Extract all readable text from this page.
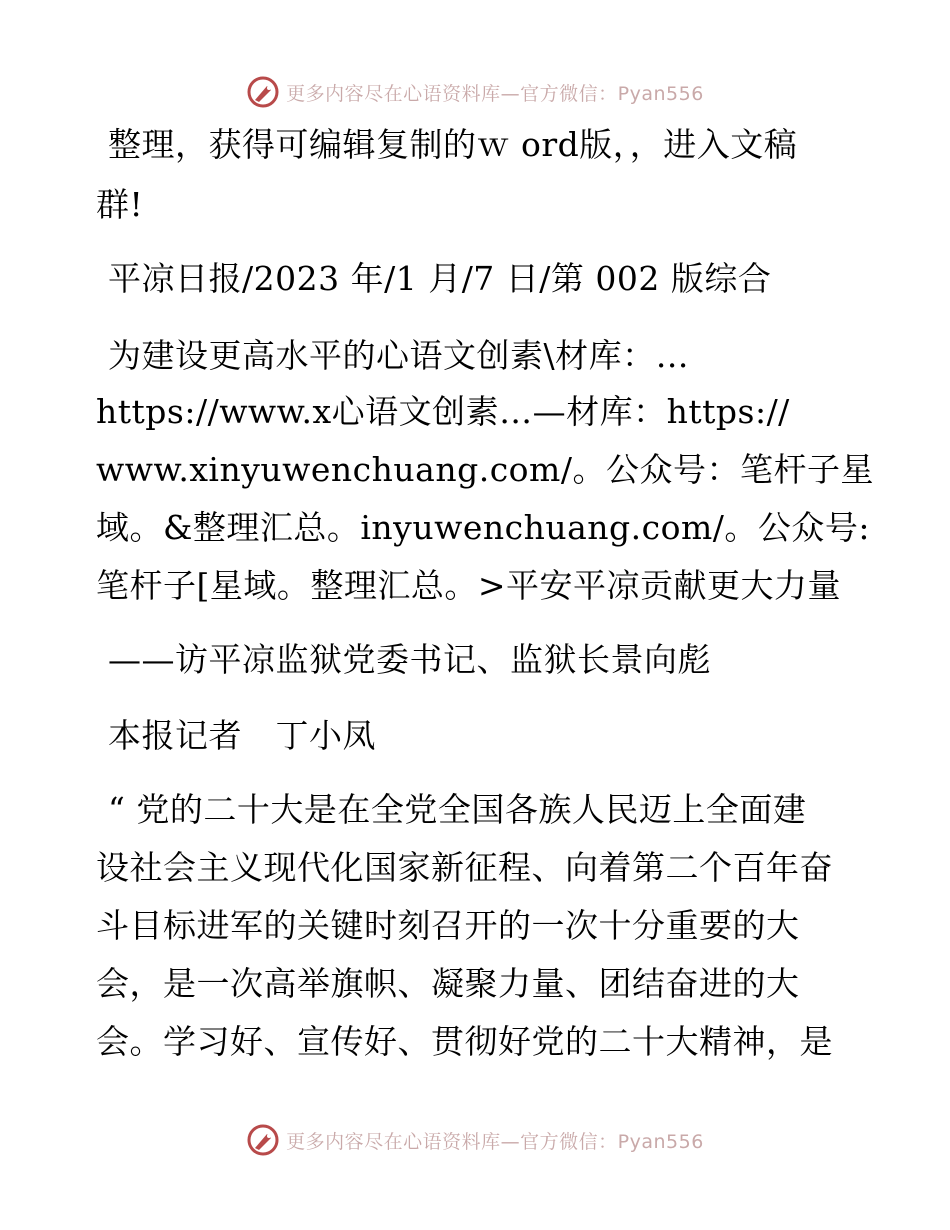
更多内容尽在心语资料库—官方微信：Pyan556
整理，获得可编辑复制的ｗ ord版，，进入文稿
群!
平凉日报/2023 年/1 月/7 日/第 002 版综合
为建设更高水平的心语文创素\材库：…
https://www.x心语文创素…—材库：https://
www.xinyuwenchuang.com/。公众号：笔杆子星
域。&整理汇总。inyuwenchuang.com/。公众号:
笔杆子[星域。整理汇总。>平安平凉贡献更大力量
——访平凉监狱党委书记、监狱长景向彪
本报记者　丁小凤
“ 党的二十大是在全党全国各族人民迈上全面建
设社会主义现代化国家新征程、向着第二个百年奋
斗目标进军的关键时刻召开的一次十分重要的大
会，是一次高举旗帜、凝聚力量、团结奋进的大
会。学习好、宣传好、贯彻好党的二十大精神，是
更多内容尽在心语资料库—官方微信：Pyan556
